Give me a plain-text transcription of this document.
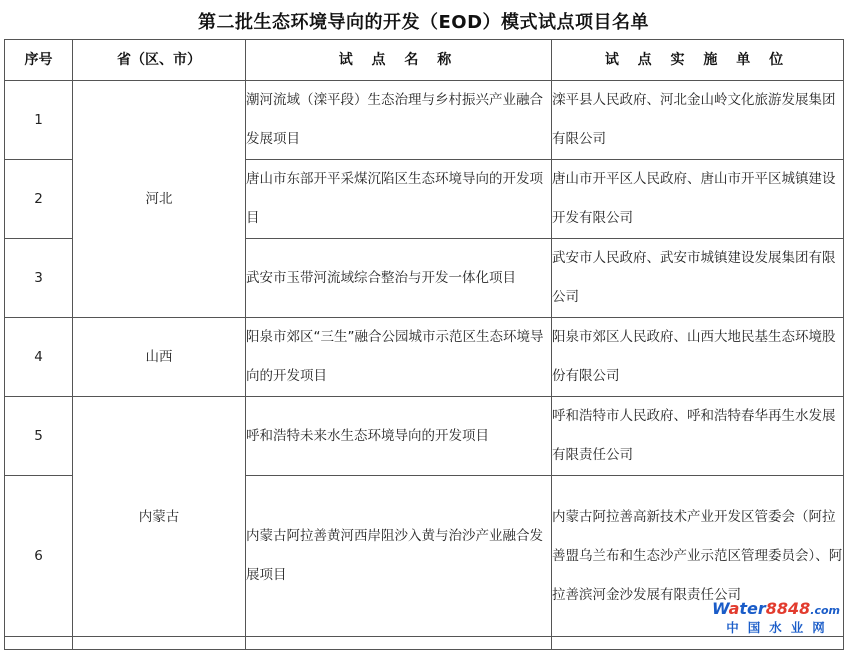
第二批生态环境导向的开发（EOD）模式试点项目名单
序号	省（区、市）	试 点 名 称	试 点 实 施 单 位
1	河北	潮河流域（滦平段）生态治理与乡村振兴产业融合发展项目	滦平县人民政府、河北金山岭文化旅游发展集团有限公司

2		唐山市东部开平采煤沉陷区生态环境导向的开发项目	唐山市开平区人民政府、唐山市开平区城镇建设开发有限公司

3		武安市玉带河流域综合整治与开发一体化项目	武安市人民政府、武安市城镇建设发展集团有限公司

4	山西	阳泉市郊区“三生”融合公园城市示范区生态环境导向的开发项目	阳泉市郊区人民政府、山西大地民基生态环境股份有限公司

5	内蒙古	呼和浩特未来水生态环境导向的开发项目	呼和浩特市人民政府、呼和浩特春华再生水发展有限责任公司

6		内蒙古阿拉善黄河西岸阻沙入黄与治沙产业融合发展项目	内蒙古阿拉善高新技术产业开发区管委会（阿拉善盟乌兰布和生态沙产业示范区管理委员会）、阿拉善滨河金沙发展有限责任公司

Water8848.com
中国水业网
